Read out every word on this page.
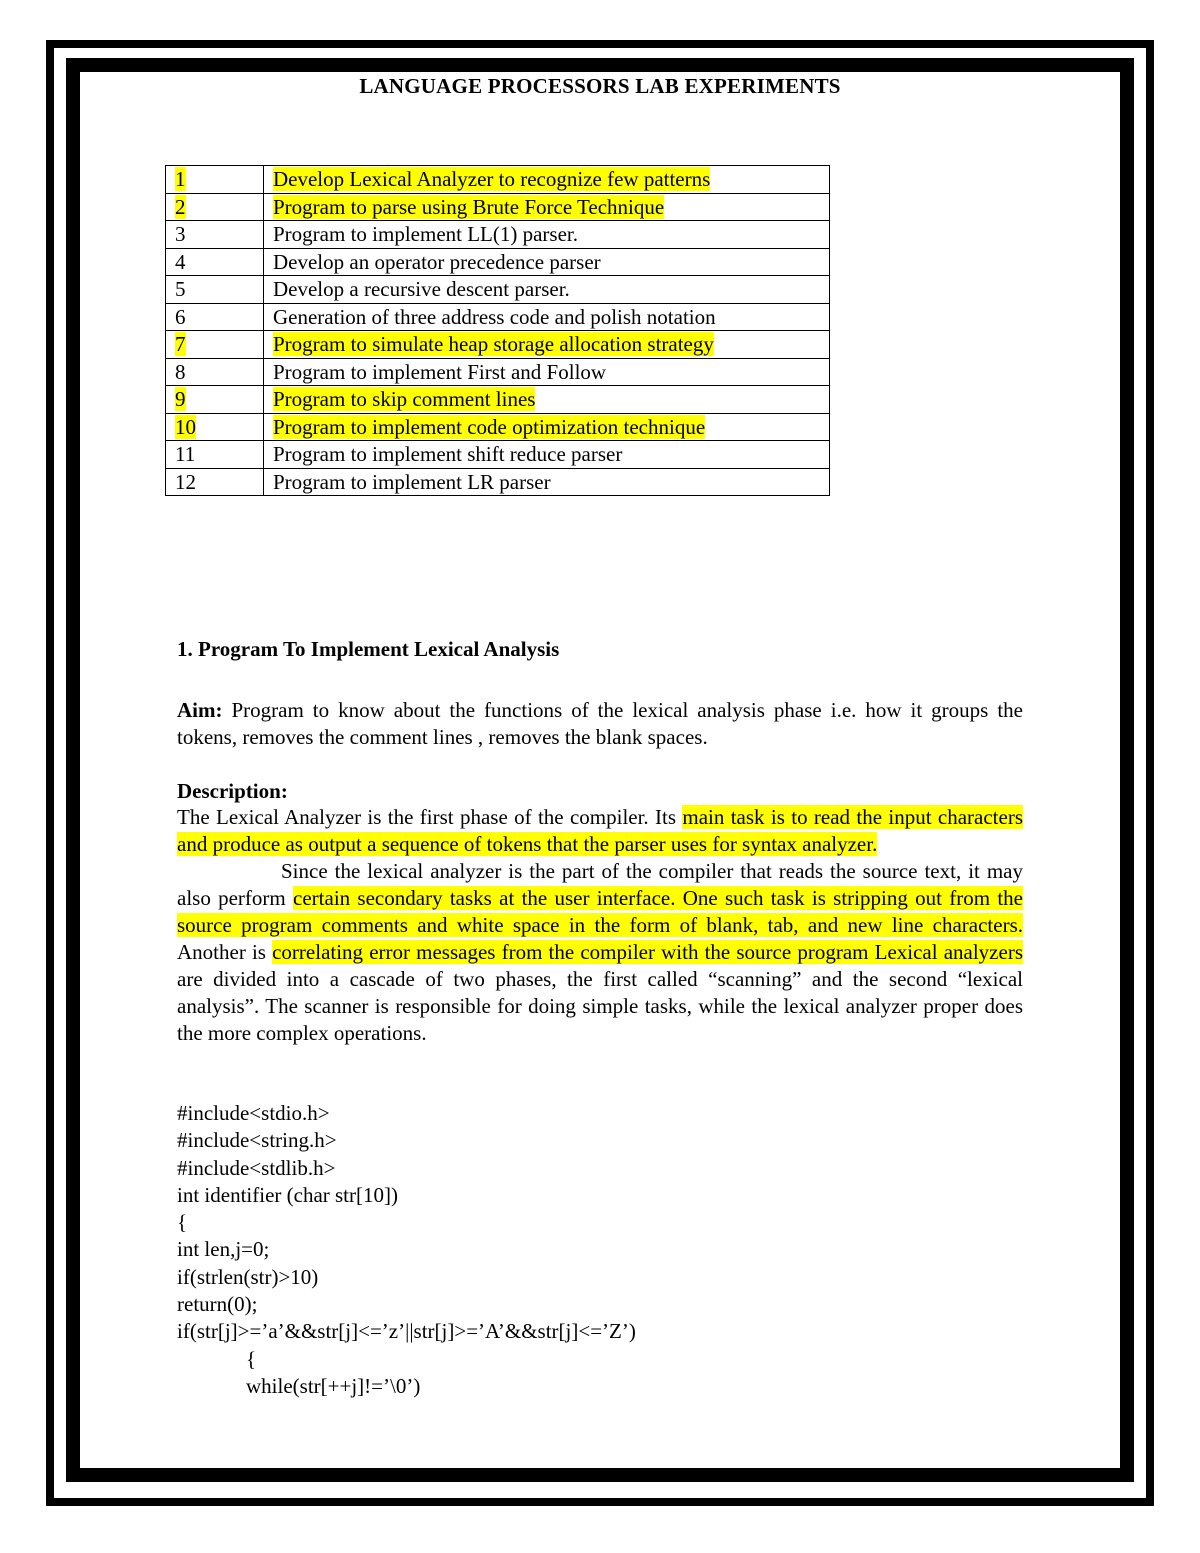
LANGUAGE PROCESSORS LAB EXPERIMENTS
1	Develop Lexical Analyzer to recognize few patterns
2	Program to parse using Brute Force Technique
3	Program to implement LL(1) parser.
4	Develop an operator precedence parser
5	Develop a recursive descent parser.
6	Generation of three address code and polish notation
7	Program to simulate heap storage allocation strategy
8	Program to implement First and Follow
9	Program to skip comment lines
10	Program to implement code optimization technique
11	Program to implement shift reduce parser
12	Program to implement LR parser
1. Program To Implement Lexical Analysis
Aim: Program to know about the functions of the lexical analysis phase i.e. how it groups the tokens, removes the comment lines , removes the blank spaces.
Description:

The Lexical Analyzer is the first phase of the compiler. Its main task is to read the input characters and produce as output a sequence of tokens that the parser uses for syntax analyzer.

Since the lexical analyzer is the part of the compiler that reads the source text, it may also perform certain secondary tasks at the user interface. One such task is stripping out from the source program comments and white space in the form of blank, tab, and new line characters. Another is correlating error messages from the compiler with the source program Lexical analyzers are divided into a cascade of two phases, the first called “scanning” and the second “lexical analysis”. The scanner is responsible for doing simple tasks, while the lexical analyzer proper does the more complex operations.

#include<stdio.h>
#include<string.h>
#include<stdlib.h>
int identifier (char str[10])
{
int len,j=0;
if(strlen(str)>10)
return(0);
if(str[j]>=’a’&&str[j]<=’z’||str[j]>=’A’&&str[j]<=’Z’)
{
while(str[++j]!=’\0’)
